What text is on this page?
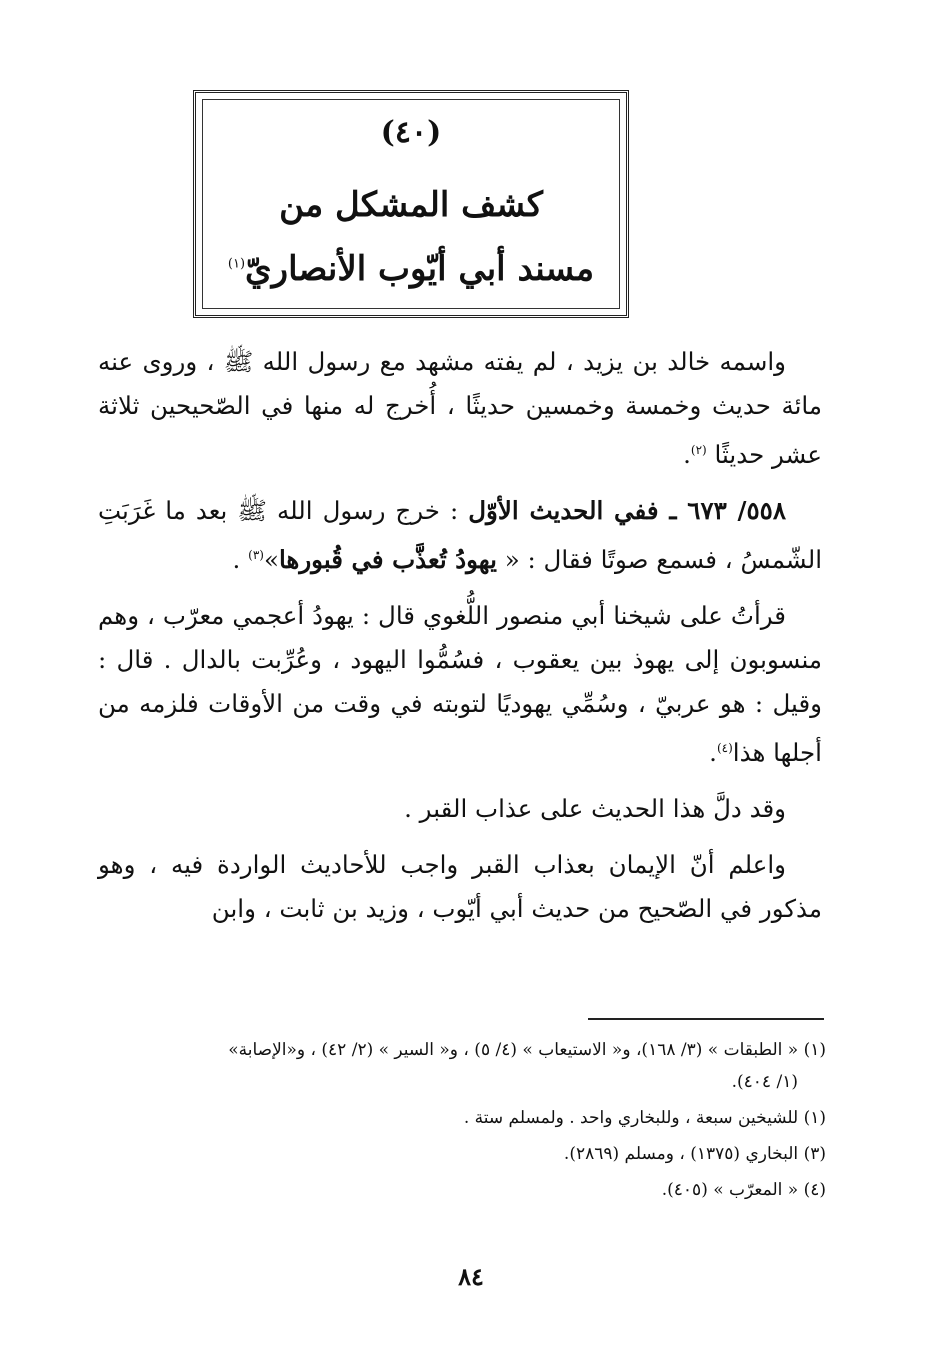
(٤٠)
كشف المشكل من
مسند أبي أيّوب الأنصاريّ$^{(١)}$

واسمه خالد بن يزيد ، لم يفته مشهد مع رسول الله ﷺ ، وروى عنه مائة حديث وخمسة وخمسين حديثًا ، أُخرج له منها في الصّحيحين ثلاثة عشر حديثًا $^{(٢)}$.

٥٥٨/ ٦٧٣ ـ ففي الحديث الأوّل : خرج رسول الله ﷺ بعد ما غَرَبَتِ الشّمسُ ، فسمع صوتًا فقال : « يهودُ تُعذَّب في قُبورها»$^{(٣)}$ .

قرأتُ على شيخنا أبي منصور اللُّغوي قال : يهودُ أعجمي معرّب ، وهم منسوبون إلى يهوذ بين يعقوب ، فسُمُّوا اليهود ، وعُرِّبت بالدال . قال : وقيل : هو عربيّ ، وسُمِّي يهوديًا لتوبته في وقت من الأوقات فلزمه من أجلها هذا$^{(٤)}$.

وقد دلَّ هذا الحديث على عذاب القبر .

واعلم أنّ الإيمان بعذاب القبر واجب للأحاديث الواردة فيه ، وهو مذكور في الصّحيح من حديث أبي أيّوب ، وزيد بن ثابت ، وابن

(١) « الطبقات » (٣/ ١٦٨)، و« الاستيعاب » (٤/ ٥) ، و« السير » (٢/ ٤٢) ، و«الإصابة»
(١/ ٤٠٤).
(١) للشيخين سبعة ، وللبخاري واحد . ولمسلم ستة .
(٣) البخاري (١٣٧٥) ، ومسلم (٢٨٦٩).
(٤) « المعرّب » (٤٠٥).
٨٤
